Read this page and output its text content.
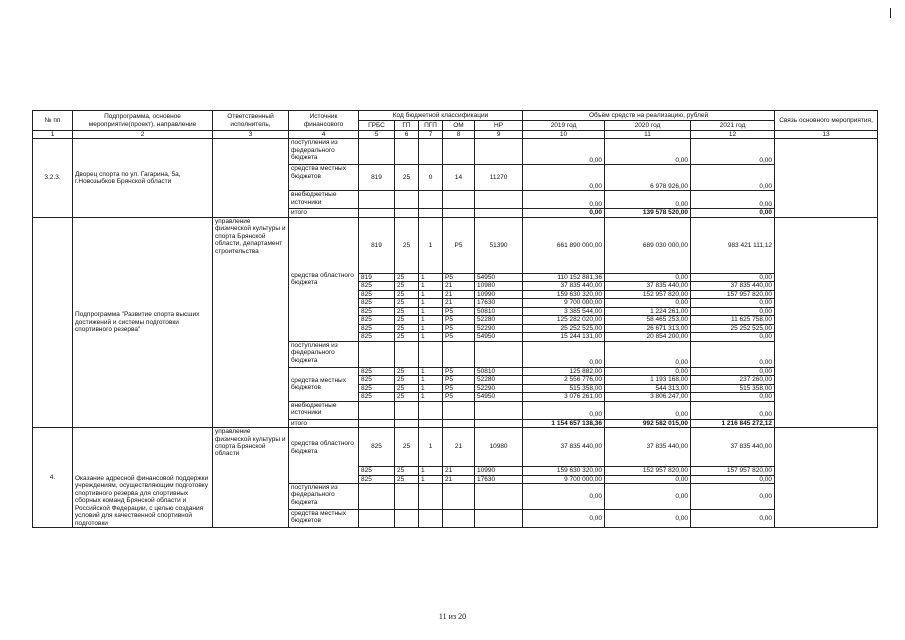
№ пп	Подпрограмма, основное мероприятие(проект), направление	Ответственный исполнитель,	Источник финансового	Код бюджетной классификации					Объём средств на реализацию, рублей			Связь основного мероприятия,
				ГРБС	ГП	ПГП	ОМ	НР	2019 год	2020 год	2021 год	
1	2	3	4	5	6	7	8	9	10	11	12	13
3.2.3.	Дворец спорта по ул. Гагарина, 5а, г.Новозыбков Брянской области		поступления из федерального бюджета						0,00	0,00	0,00	
			средства местных бюджетов	819	25	0	14	11270	0,00	6 978 926,00	0,00	
			внебюджетные источники						0,00	0,00	0,00	
			итого						0,00	139 578 520,00	0,00	
	Подпрограмма "Развитие спорта высших достижений и системы подготовки спортивного резерва"	управление физической культуры и спорта Брянской области, департамент строительства	средства областного бюджета	819	25	1	Р5	51390	661 890 000,00	689 030 000,00	983 421 111,12	
				819	25	1	Р5	54950	110 152 881,36	0,00	0,00	
				825	25	1	21	10980	37 835 440,00	37 835 440,00	37 835 440,00	
				825	25	1	21	10990	159 630 320,00	152 957 820,00	157 957 820,00	
				825	25	1	21	17630	9 700 000,00	0,00	0,00	
				825	25	1	Р5	50810	3 385 544,00	1 224 261,00	0,00	
				825	25	1	Р5	52280	125 282 020,00	58 465 253,00	11 625 758,00	
				825	25	1	Р5	52290	25 252 525,00	26 671 313,00	25 252 525,00	
				825	25	1	Р5	54950	15 244 131,00	20 854 200,00	0,00	
			поступления из федерального бюджета						0,00	0,00	0,00	
			средства местных бюджетов	825	25	1	Р5	50810	125 882,00	0,00	0,00	
				825	25	1	Р5	52280	2 556 776,00	1 193 168,00	237 260,00	
				825	25	1	Р5	52290	515 358,00	544 313,00	515 358,00	
				825	25	1	Р5	54950	3 076 261,00	3 806 247,00	0,00	
			внебюджетные источники						0,00	0,00	0,00	
			итого						1 154 657 138,36	992 582 015,00	1 216 845 272,12	
4.	Оказание адресной финансовой поддержки учреждениям, осуществляющим подготовку спортивного резерва для спортивных сборных команд Брянской области и Российской Федерации, с целью создания условий для качественной спортивной подготовки	управление физической культуры и спорта Брянской области	средства областного бюджета	825	25	1	21	10980	37 835 440,00	37 835 440,00	37 835 440,00	
				825	25	1	21	10990	159 630 320,00	152 957 820,00	157 957 820,00	
				825	25	1	21	17630	9 700 000,00	0,00	0,00	
			поступления из федерального бюджета						0,00	0,00	0,00	
			средства местных бюджетов						0,00	0,00	0,00	
11 из 20
